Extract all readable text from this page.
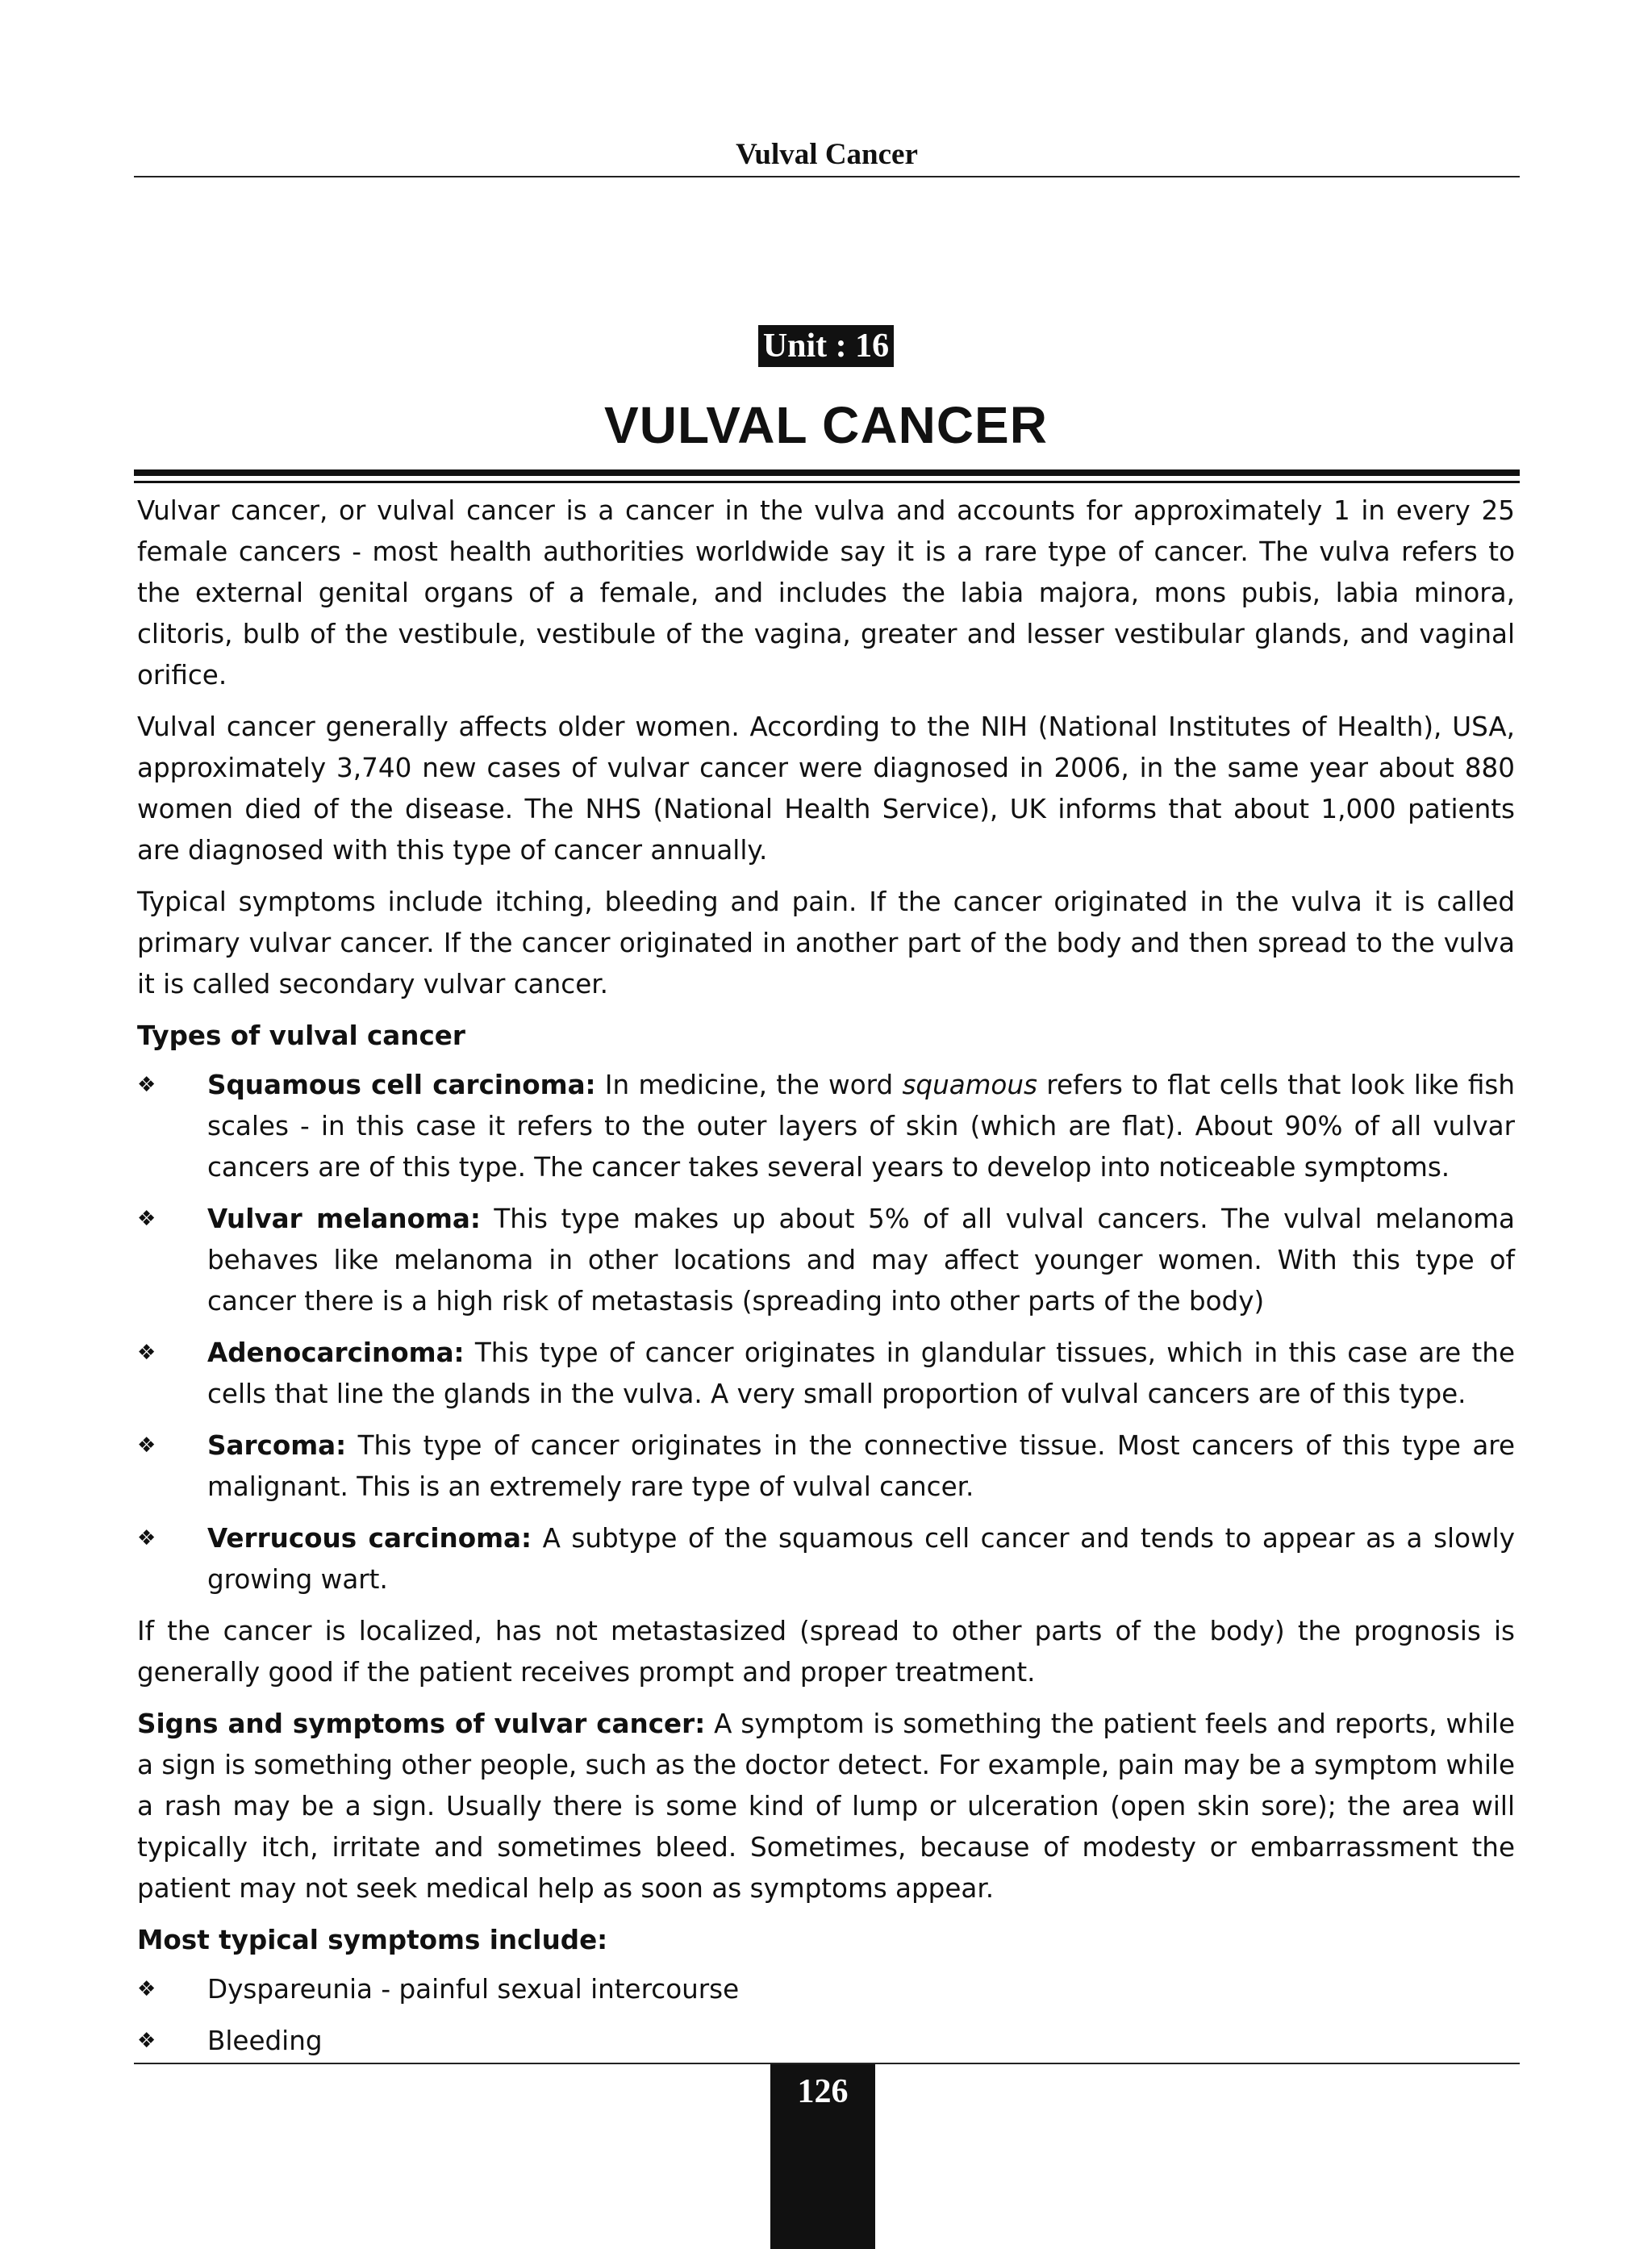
Vulval Cancer
Unit : 16
VULVAL CANCER

Vulvar cancer, or vulval cancer is a cancer in the vulva and accounts for approximately 1 in every 25 female cancers - most health authorities worldwide say it is a rare type of cancer. The vulva refers to the external genital organs of a female, and includes the labia majora, mons pubis, labia minora, clitoris, bulb of the vestibule, vestibule of the vagina, greater and lesser vestibular glands, and vaginal orifice.

Vulval cancer generally affects older women. According to the NIH (National Institutes of Health), USA, approximately 3,740 new cases of vulvar cancer were diagnosed in 2006, in the same year about 880 women died of the disease. The NHS (National Health Service), UK informs that about 1,000 patients are diagnosed with this type of cancer annually.

Typical symptoms include itching, bleeding and pain. If the cancer originated in the vulva it is called primary vulvar cancer. If the cancer originated in another part of the body and then spread to the vulva it is called secondary vulvar cancer.

Types of vulval cancer
❖	Squamous cell carcinoma: In medicine, the word squamous refers to flat cells that look like fish scales - in this case it refers to the outer layers of skin (which are flat). About 90% of all vulvar cancers are of this type. The cancer takes several years to develop into noticeable symptoms.
❖	Vulvar melanoma: This type makes up about 5% of all vulval cancers. The vulval melanoma behaves like melanoma in other locations and may affect younger women. With this type of cancer there is a high risk of metastasis (spreading into other parts of the body)
❖	Adenocarcinoma: This type of cancer originates in glandular tissues, which in this case are the cells that line the glands in the vulva. A very small proportion of vulval cancers are of this type.
❖	Sarcoma: This type of cancer originates in the connective tissue. Most cancers of this type are malignant. This is an extremely rare type of vulval cancer.
❖	Verrucous carcinoma: A subtype of the squamous cell cancer and tends to appear as a slowly growing wart.

If the cancer is localized, has not metastasized (spread to other parts of the body) the prognosis is generally good if the patient receives prompt and proper treatment.

Signs and symptoms of vulvar cancer: A symptom is something the patient feels and reports, while a sign is something other people, such as the doctor detect. For example, pain may be a symptom while a rash may be a sign. Usually there is some kind of lump or ulceration (open skin sore); the area will typically itch, irritate and sometimes bleed. Sometimes, because of modesty or embarrassment the patient may not seek medical help as soon as symptoms appear.

Most typical symptoms include:
❖	Dyspareunia - painful sexual intercourse
❖	Bleeding
126
